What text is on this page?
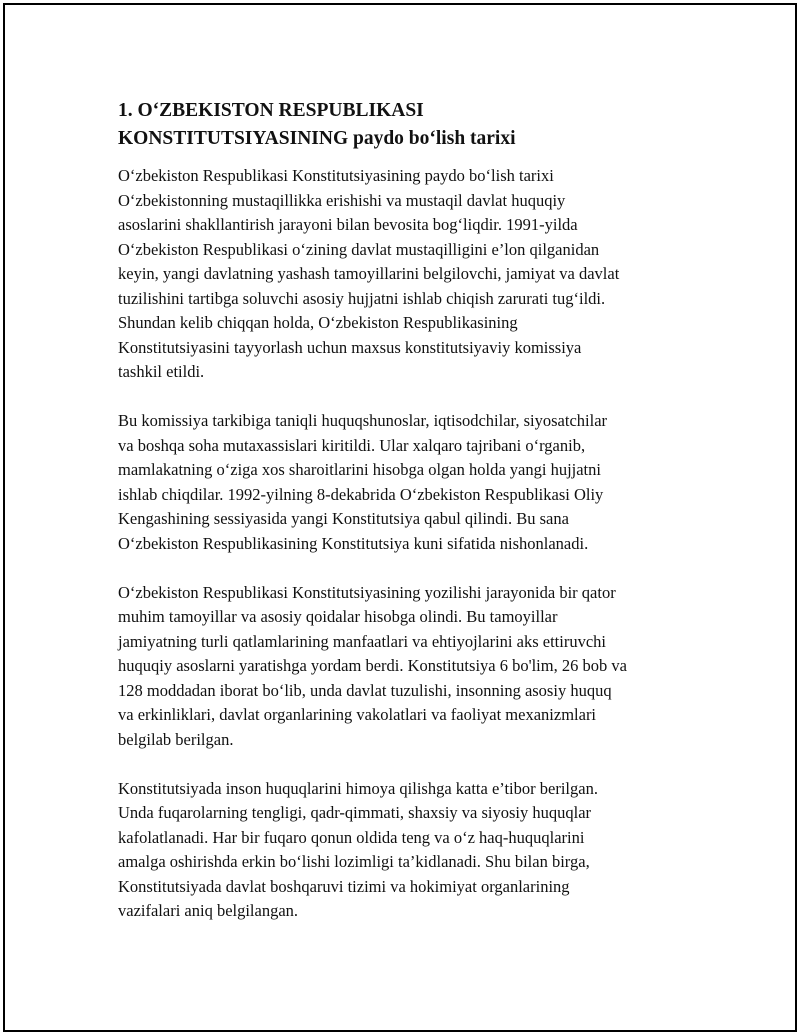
1. O‘ZBEKISTON RESPUBLIKASI
KONSTITUTSIYASINING paydo bo‘lish tarixi

O‘zbekiston Respublikasi Konstitutsiyasining paydo bo‘lish tarixi
O‘zbekistonning mustaqillikka erishishi va mustaqil davlat huquqiy
asoslarini shakllantirish jarayoni bilan bevosita bog‘liqdir. 1991-yilda
O‘zbekiston Respublikasi o‘zining davlat mustaqilligini e’lon qilganidan
keyin, yangi davlatning yashash tamoyillarini belgilovchi, jamiyat va davlat
tuzilishini tartibga soluvchi asosiy hujjatni ishlab chiqish zarurati tug‘ildi.
Shundan kelib chiqqan holda, O‘zbekiston Respublikasining
Konstitutsiyasini tayyorlash uchun maxsus konstitutsiyaviy komissiya
tashkil etildi.

Bu komissiya tarkibiga taniqli huquqshunoslar, iqtisodchilar, siyosatchilar
va boshqa soha mutaxassislari kiritildi. Ular xalqaro tajribani o‘rganib,
mamlakatning o‘ziga xos sharoitlarini hisobga olgan holda yangi hujjatni
ishlab chiqdilar. 1992-yilning 8-dekabrida O‘zbekiston Respublikasi Oliy
Kengashining sessiyasida yangi Konstitutsiya qabul qilindi. Bu sana
O‘zbekiston Respublikasining Konstitutsiya kuni sifatida nishonlanadi.

O‘zbekiston Respublikasi Konstitutsiyasining yozilishi jarayonida bir qator
muhim tamoyillar va asosiy qoidalar hisobga olindi. Bu tamoyillar
jamiyatning turli qatlamlarining manfaatlari va ehtiyojlarini aks ettiruvchi
huquqiy asoslarni yaratishga yordam berdi. Konstitutsiya 6 bo'lim, 26 bob va
128 moddadan iborat bo‘lib, unda davlat tuzulishi, insonning asosiy huquq
va erkinliklari, davlat organlarining vakolatlari va faoliyat mexanizmlari
belgilab berilgan.

Konstitutsiyada inson huquqlarini himoya qilishga katta e’tibor berilgan.
Unda fuqarolarning tengligi, qadr-qimmati, shaxsiy va siyosiy huquqlar
kafolatlanadi. Har bir fuqaro qonun oldida teng va o‘z haq-huquqlarini
amalga oshirishda erkin bo‘lishi lozimligi ta’kidlanadi. Shu bilan birga,
Konstitutsiyada davlat boshqaruvi tizimi va hokimiyat organlarining
vazifalari aniq belgilangan.
